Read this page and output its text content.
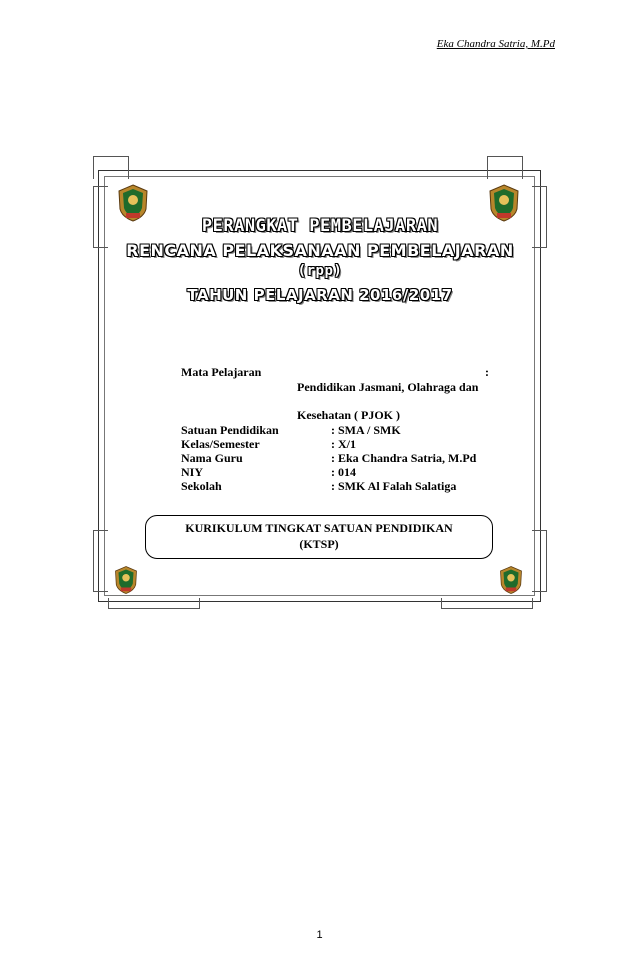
Eka Chandra Satria, M.Pd
PERANGKAT PEMBELAJARAN
RENCANA PELAKSANAAN PEMBELAJARAN
(rpp)
TAHUN PELAJARAN 2016/2017
Mata Pelajaran	:
Pendidikan Jasmani, Olahraga dan
Kesehatan ( PJOK )
Satuan Pendidikan	: SMA / SMK
Kelas/Semester	: X/1
Nama Guru	: Eka Chandra Satria, M.Pd
NIY	: 014
Sekolah	: SMK Al Falah Salatiga
KURIKULUM TINGKAT SATUAN PENDIDIKAN
(KTSP)
1
